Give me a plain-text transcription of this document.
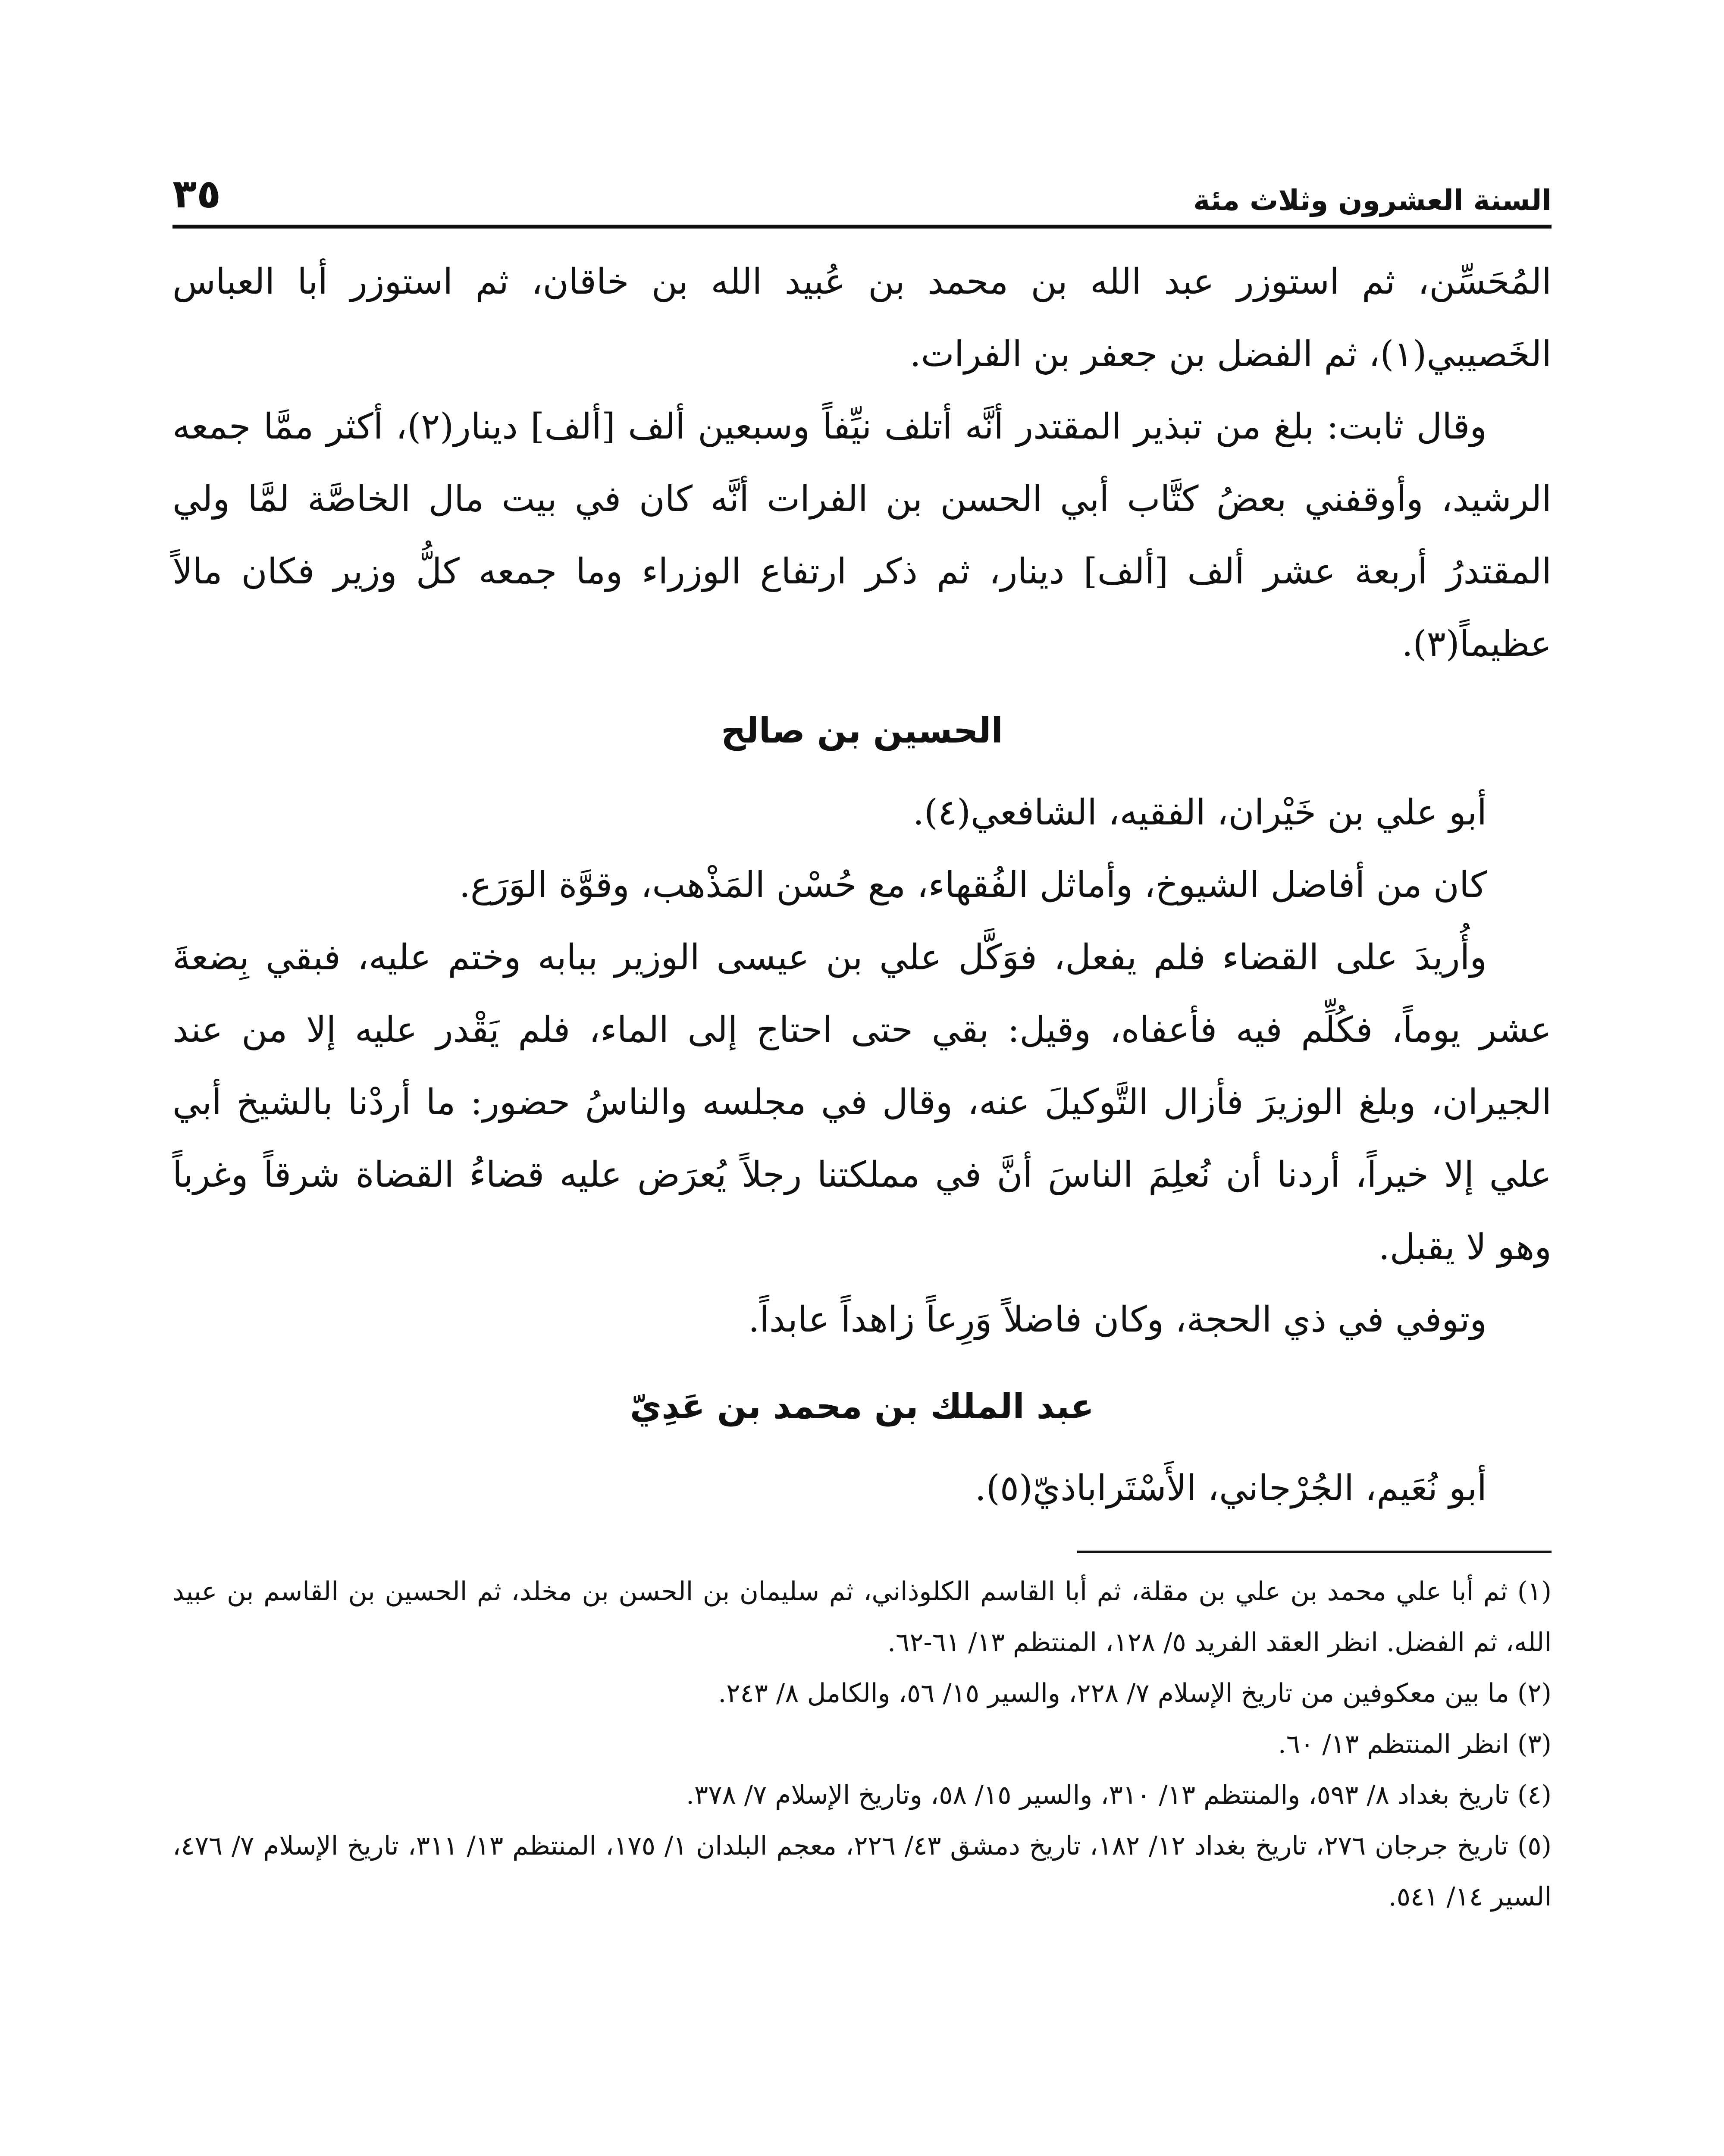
السنة العشرون وثلاث مئة
٣٥

المُحَسِّن، ثم استوزر عبد الله بن محمد بن عُبيد الله بن خاقان، ثم استوزر أبا العباس الخَصيبي(١)، ثم الفضل بن جعفر بن الفرات.

وقال ثابت: بلغ من تبذير المقتدر أنَّه أتلف نيِّفاً وسبعين ألف [ألف] دينار(٢)، أكثر ممَّا جمعه الرشيد، وأوقفني بعضُ كتَّاب أبي الحسن بن الفرات أنَّه كان في بيت مال الخاصَّة لمَّا ولي المقتدرُ أربعة عشر ألف [ألف] دينار، ثم ذكر ارتفاع الوزراء وما جمعه كلُّ وزير فكان مالاً عظيماً(٣).

الحسين بن صالح

أبو علي بن خَيْران، الفقيه، الشافعي(٤).

كان من أفاضل الشيوخ، وأماثل الفُقهاء، مع حُسْن المَذْهب، وقوَّة الوَرَع.

وأُريدَ على القضاء فلم يفعل، فوَكَّل علي بن عيسى الوزير ببابه وختم عليه، فبقي بِضعةَ عشر يوماً، فكُلِّم فيه فأعفاه، وقيل: بقي حتى احتاج إلى الماء، فلم يَقْدر عليه إلا من عند الجيران، وبلغ الوزيرَ فأزال التَّوكيلَ عنه، وقال في مجلسه والناسُ حضور: ما أردْنا بالشيخ أبي علي إلا خيراً، أردنا أن نُعلِمَ الناسَ أنَّ في مملكتنا رجلاً يُعرَض عليه قضاءُ القضاة شرقاً وغرباً وهو لا يقبل.

وتوفي في ذي الحجة، وكان فاضلاً وَرِعاً زاهداً عابداً.

عبد الملك بن محمد بن عَدِيّ

أبو نُعَيم، الجُرْجاني، الأَسْتَراباذيّ(٥).

(١) ثم أبا علي محمد بن علي بن مقلة، ثم أبا القاسم الكلوذاني، ثم سليمان بن الحسن بن مخلد، ثم الحسين بن القاسم بن عبيد الله، ثم الفضل. انظر العقد الفريد ٥/ ١٢٨، المنتظم ١٣/ ٦١-٦٢.

(٢) ما بين معكوفين من تاريخ الإسلام ٧/ ٢٢٨، والسير ١٥/ ٥٦، والكامل ٨/ ٢٤٣.

(٣) انظر المنتظم ١٣/ ٦٠.

(٤) تاريخ بغداد ٨/ ٥٩٣، والمنتظم ١٣/ ٣١٠، والسير ١٥/ ٥٨، وتاريخ الإسلام ٧/ ٣٧٨.

(٥) تاريخ جرجان ٢٧٦، تاريخ بغداد ١٢/ ١٨٢، تاريخ دمشق ٤٣/ ٢٢٦، معجم البلدان ١/ ١٧٥، المنتظم ١٣/ ٣١١، تاريخ الإسلام ٧/ ٤٧٦، السير ١٤/ ٥٤١.
